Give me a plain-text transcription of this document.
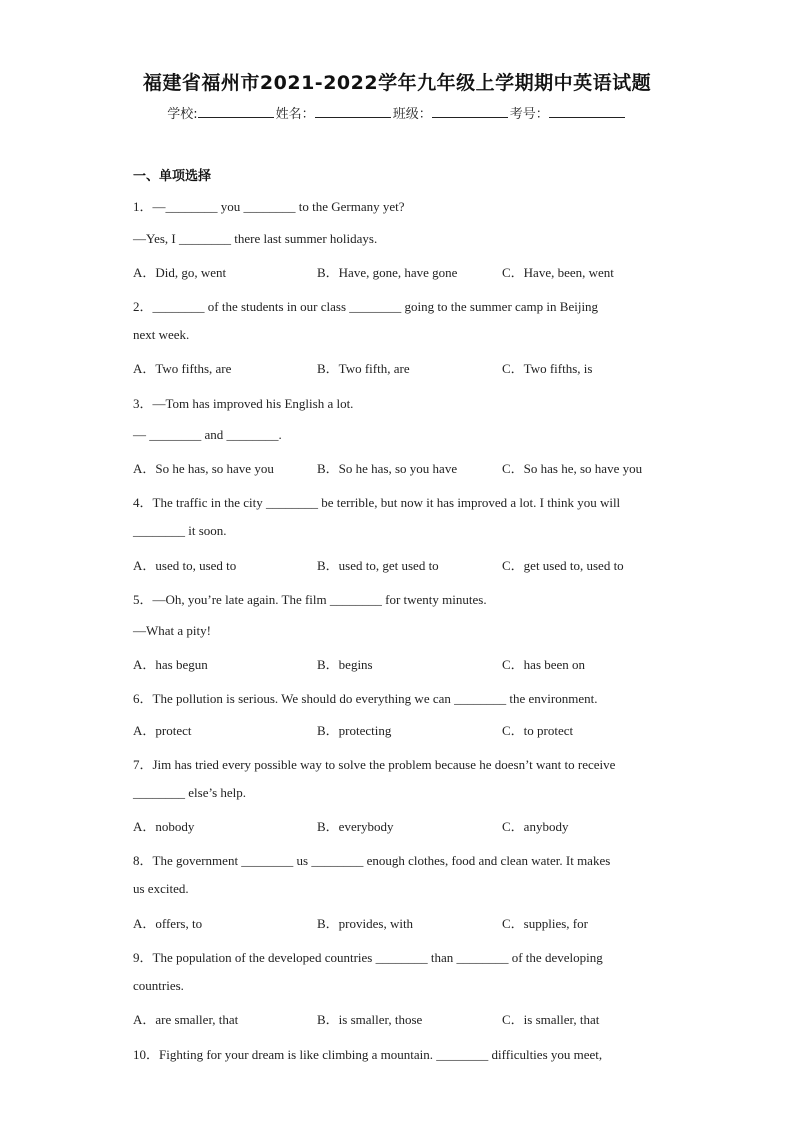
福建省福州市2021-2022学年九年级上学期期中英语试题
学校:	姓名：	班级：	考号：
一、单项选择
1．—________ you ________ to the Germany yet?
—Yes, I ________ there last summer holidays.
A．Did, go, went	B．Have, gone, have gone	C．Have, been, went
2．________ of the students in our class ________ going to the summer camp in Beijing
next week.
A．Two fifths, are	B．Two fifth, are	C．Two fifths, is
3．—Tom has improved his English a lot.
— ________ and ________.
A．So he has, so have you	B．So he has, so you have	C．So has he, so have you
4．The traffic in the city ________ be terrible, but now it has improved a lot. I think you will
________ it soon.
A．used to, used to	B．used to, get used to	C．get used to, used to
5．—Oh, you’re late again. The film ________ for twenty minutes.
—What a pity!
A．has begun	B．begins	C．has been on
6．The pollution is serious. We should do everything we can ________ the environment.
A．protect	B．protecting	C．to protect
7．Jim has tried every possible way to solve the problem because he doesn’t want to receive
________ else’s help.
A．nobody	B．everybody	C．anybody
8．The government ________ us ________ enough clothes, food and clean water. It makes
us excited.
A．offers, to	B．provides, with	C．supplies, for
9．The population of the developed countries ________ than ________ of the developing
countries.
A．are smaller, that	B．is smaller, those	C．is smaller, that
10．Fighting for your dream is like climbing a mountain. ________ difficulties you meet,
